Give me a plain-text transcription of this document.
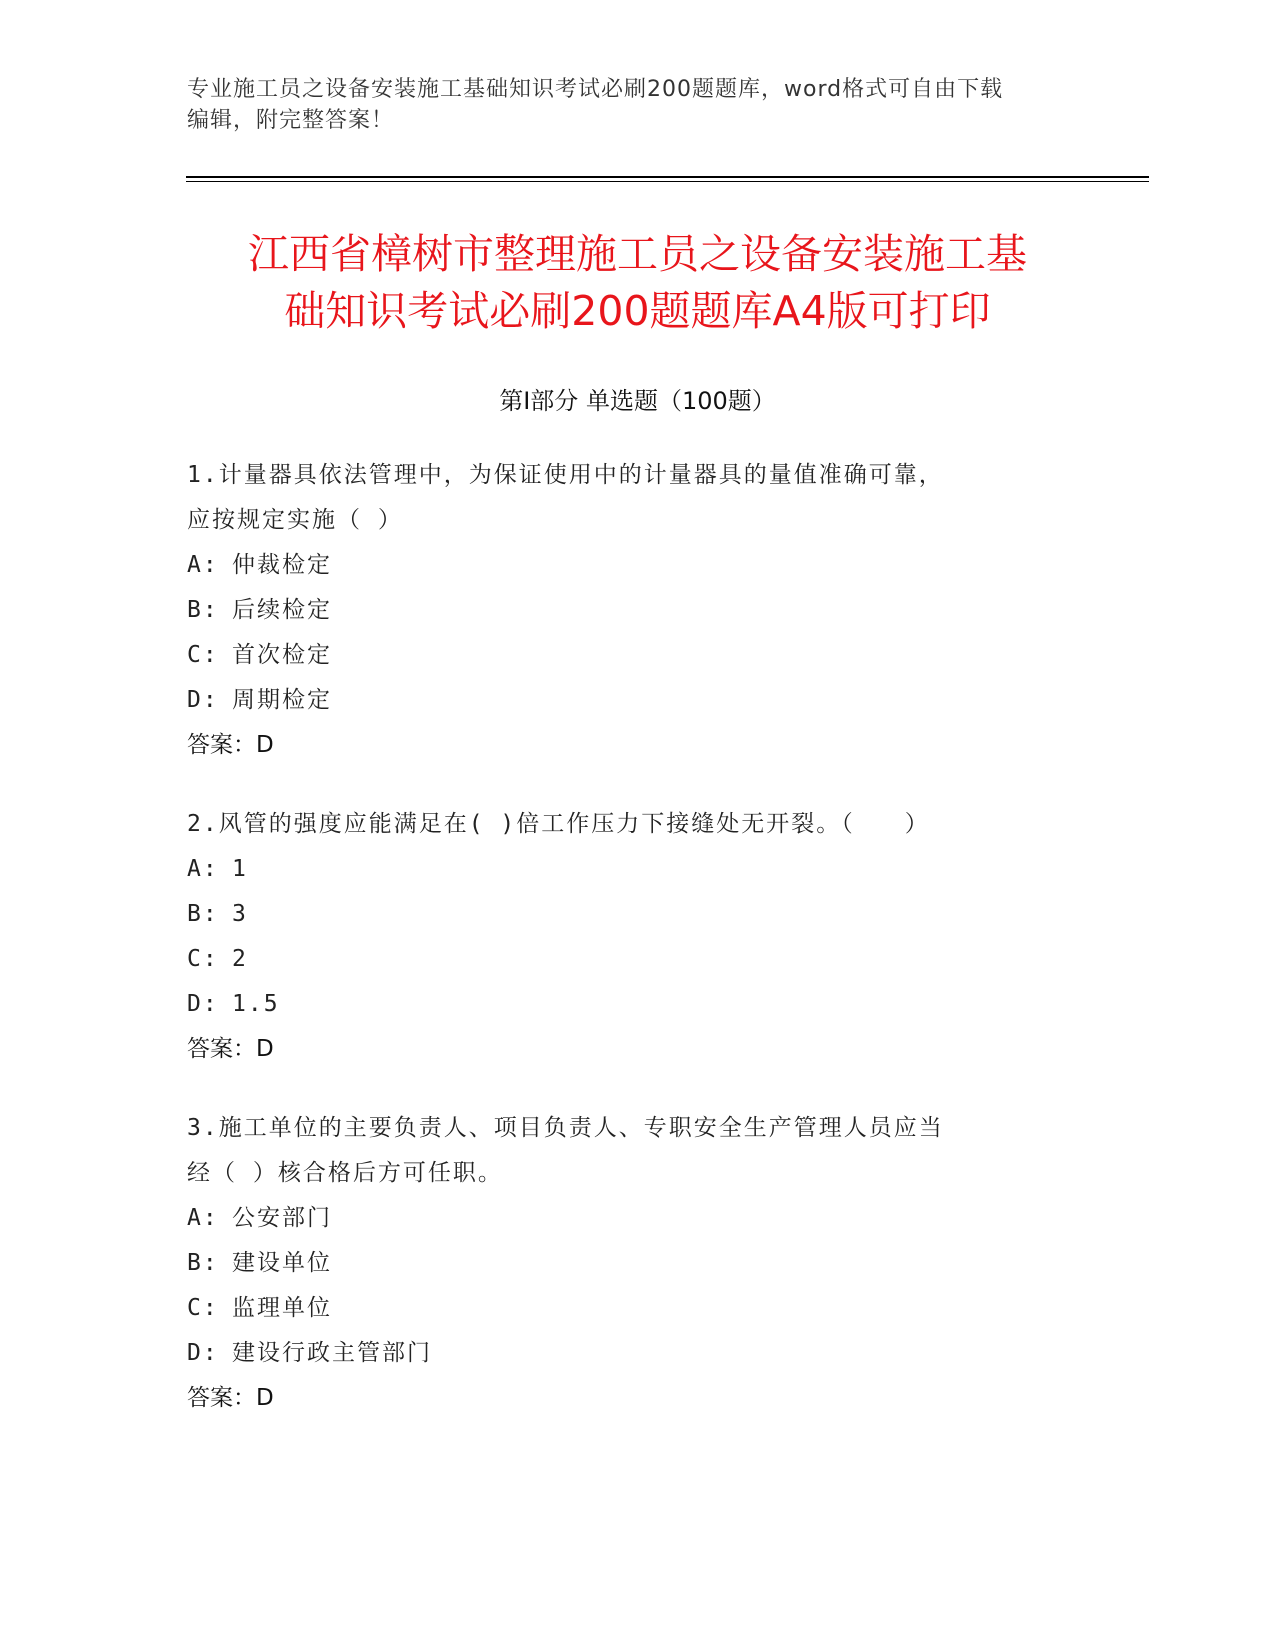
专业施工员之设备安装施工基础知识考试必刷200题题库，word格式可自由下载
编辑，附完整答案！
江西省樟树市整理施工员之设备安装施工基
础知识考试必刷200题题库A4版可打印
第Ⅰ部分 单选题（100题）

1.计量器具依法管理中，为保证使用中的计量器具的量值准确可靠，

应按规定实施（ ）

A: 仲裁检定

B: 后续检定

C: 首次检定

D: 周期检定

答案：D

2.风管的强度应能满足在( )倍工作压力下接缝处无开裂。（　　）

A: 1

B: 3

C: 2

D: 1.5

答案：D

3.施工单位的主要负责人、项目负责人、专职安全生产管理人员应当

经（ ）核合格后方可任职。

A: 公安部门

B: 建设单位

C: 监理单位

D: 建设行政主管部门

答案：D
